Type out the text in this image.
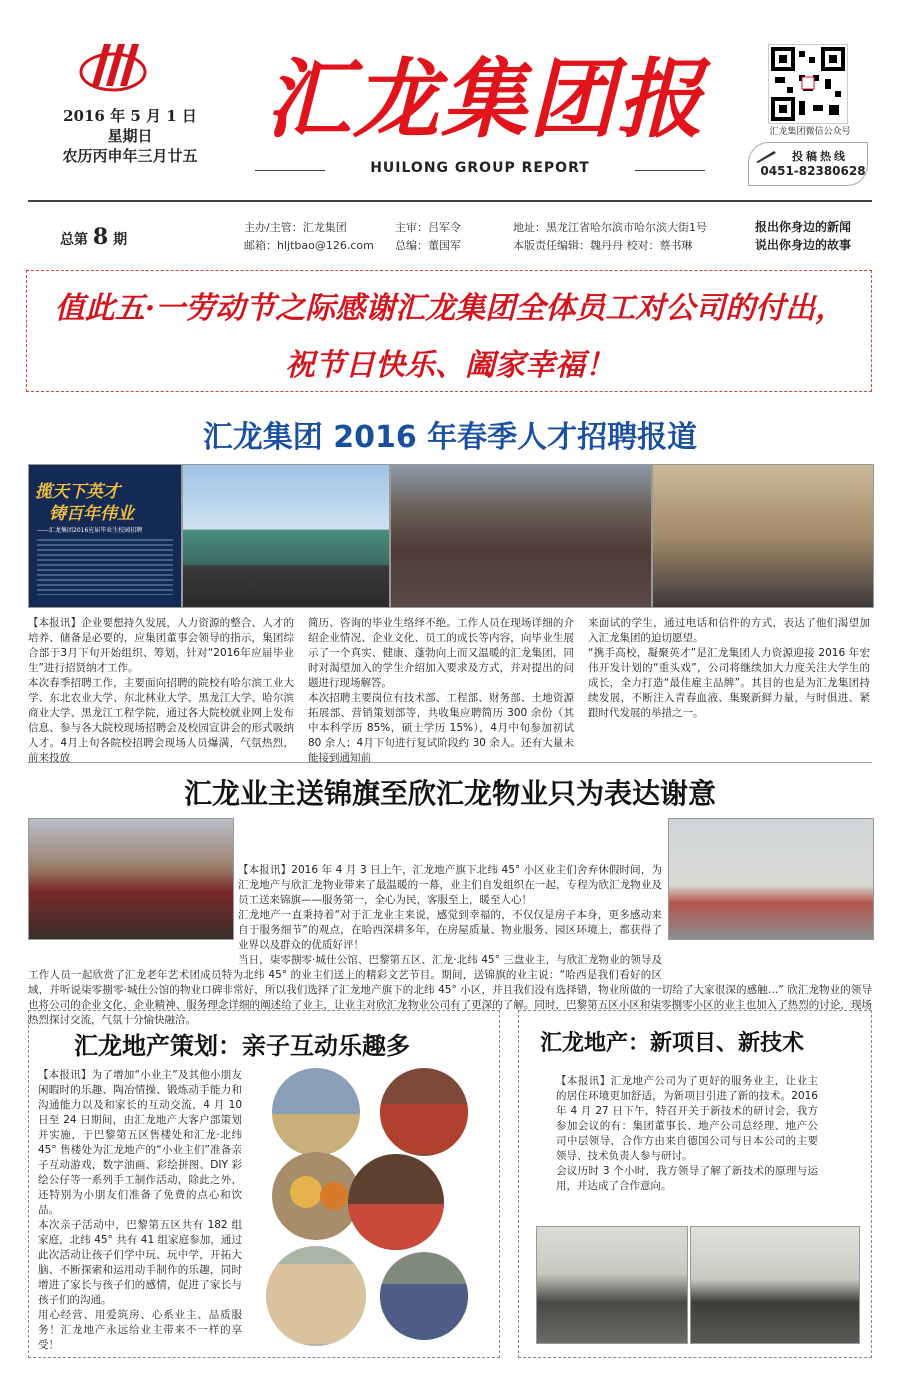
2016 年 5 月 1 日
星期日
农历丙申年三月廿五
汇龙集团报
HUILONG GROUP REPORT
汇龙集团微信公众号
投稿热线
0451-82380628
总第 8 期
主办/主管：汇龙集团
邮箱：hljtbao@126.com
主审：吕军令
总编：董国军
地址：黑龙江省哈尔滨市哈尔滨大街1号
本版责任编辑：魏丹丹 校对：蔡书琳
报出你身边的新闻
说出你身边的故事
值此五·一劳动节之际感谢汇龙集团全体员工对公司的付出，
祝节日快乐、阖家幸福！
汇龙集团 2016 年春季人才招聘报道
揽天下英才
铸百年伟业
——汇龙集团2016应届毕业生校园招聘
【本报讯】企业要想持久发展，人力资源的整合、人才的培养、储备是必要的，应集团董事会领导的指示，集团综合部于3月下旬开始组织、筹划，针对“2016年应届毕业生”进行招贤纳才工作。
本次春季招聘工作，主要面向招聘的院校有哈尔滨工业大学、东北农业大学、东北林业大学、黑龙江大学、哈尔滨商业大学、黑龙江工程学院，通过各大院校就业网上发布信息、参与各大院校现场招聘会及校园宣讲会的形式吸纳人才。4月上旬各院校招聘会现场人员爆满，气氛热烈，前来投放
简历、咨询的毕业生络绎不绝。工作人员在现场详细的介绍企业情况、企业文化、员工的成长等内容，向毕业生展示了一个真实、健康、蓬勃向上而又温暖的汇龙集团，同时对渴望加入的学生介绍加入要求及方式，并对提出的问题进行现场解答。
本次招聘主要岗位有技术部、工程部、财务部、土地资源拓展部、营销策划部等，共收集应聘简历 300 余份（其中本科学历 85%，硕士学历 15%），4月中旬参加初试 80 余人；4月下旬进行复试阶段约 30 余人。还有大量未能接到通知前
来面试的学生，通过电话和信件的方式，表达了他们渴望加入汇龙集团的迫切愿望。
“携手高校，凝聚英才”是汇龙集团人力资源迎接 2016 年宏伟开发计划的“重头戏”，公司将继续加大力度关注大学生的成长，全力打造“最佳雇主品牌”。其目的也是为汇龙集团持续发展，不断注入青春血液、集聚新鲜力量，与时俱进、紧跟时代发展的举措之一。
汇龙业主送锦旗至欣汇龙物业只为表达谢意

【本报讯】2016 年 4 月 3 日上午，汇龙地产旗下北纬 45° 小区业主们舍弃休假时间，为汇龙地产与欣汇龙物业带来了最温暖的一幕，业主们自发组织在一起，专程为欣汇龙物业及员工送来锦旗——服务第一，全心为民，客服至上，暖至人心！
汇龙地产一直秉持着“对于汇龙业主来说，感觉到幸福的，不仅仅是房子本身，更多感动来自于服务细节”的观点，在哈西深耕多年，在房屋质量、物业服务、园区环境上，都获得了业界以及群众的优质好评！
当日，柒零捌零·城仕公馆、巴黎第五区、汇龙·北纬 45° 三盘业主，与欣汇龙物业的领导及工作人员一起欣赏了汇龙老年艺术团成员特为北纬 45° 的业主们送上的精彩文艺节目。期间，送锦旗的业主说：“哈西是我们看好的区域，并听说柒零捌零·城仕公馆的物业口碑非常好，所以我们选择了汇龙地产旗下的北纬 45° 小区，并且我们没有选择错，物业所做的一切给了大家很深的感触…” 欣汇龙物业的领导也将公司的企业文化、企业精神、服务理念详细的阐述给了业主，让业主对欣汇龙物业公司有了更深的了解。同时，巴黎第五区小区和柒零捌零小区的业主也加入了热烈的讨论，现场热烈探讨交流，气氛十分愉快融洽。

汇龙地产策划：亲子互动乐趣多
【本报讯】为了增加“小业主”及其他小朋友闲暇时的乐趣、陶冶情操、锻炼动手能力和沟通能力以及和家长的互动交流，4 月 10 日至 24 日期间，由汇龙地产大客户部策划并实施，于巴黎第五区售楼处和汇龙·北纬 45° 售楼处为汇龙地产的“小业主们”准备亲子互动游戏，数字油画、彩绘拼图、DIY 彩绘公仔等一系列手工制作活动，除此之外，还特别为小朋友们准备了免费的点心和饮品。
本次亲子活动中，巴黎第五区共有 182 组家庭，北纬 45° 共有 41 组家庭参加，通过此次活动让孩子们学中玩、玩中学，开拓大脑、不断探索和运用动手制作的乐趣，同时增进了家长与孩子们的感情，促进了家长与孩子们的沟通。
用心经营、用爱筑房、心系业主、品质服务！汇龙地产永远给业主带来不一样的享受！
汇龙地产：新项目、新技术
【本报讯】汇龙地产公司为了更好的服务业主，让业主的居住环境更加舒适，为新项目引进了新的技术。2016 年 4 月 27 日下午，特召开关于新技术的研讨会，我方参加会议的有：集团董事长、地产公司总经理、地产公司中层领导，合作方由来自德国公司与日本公司的主要领导、技术负责人参与研讨。
会议历时 3 个小时，我方领导了解了新技术的原理与运用，并达成了合作意向。
